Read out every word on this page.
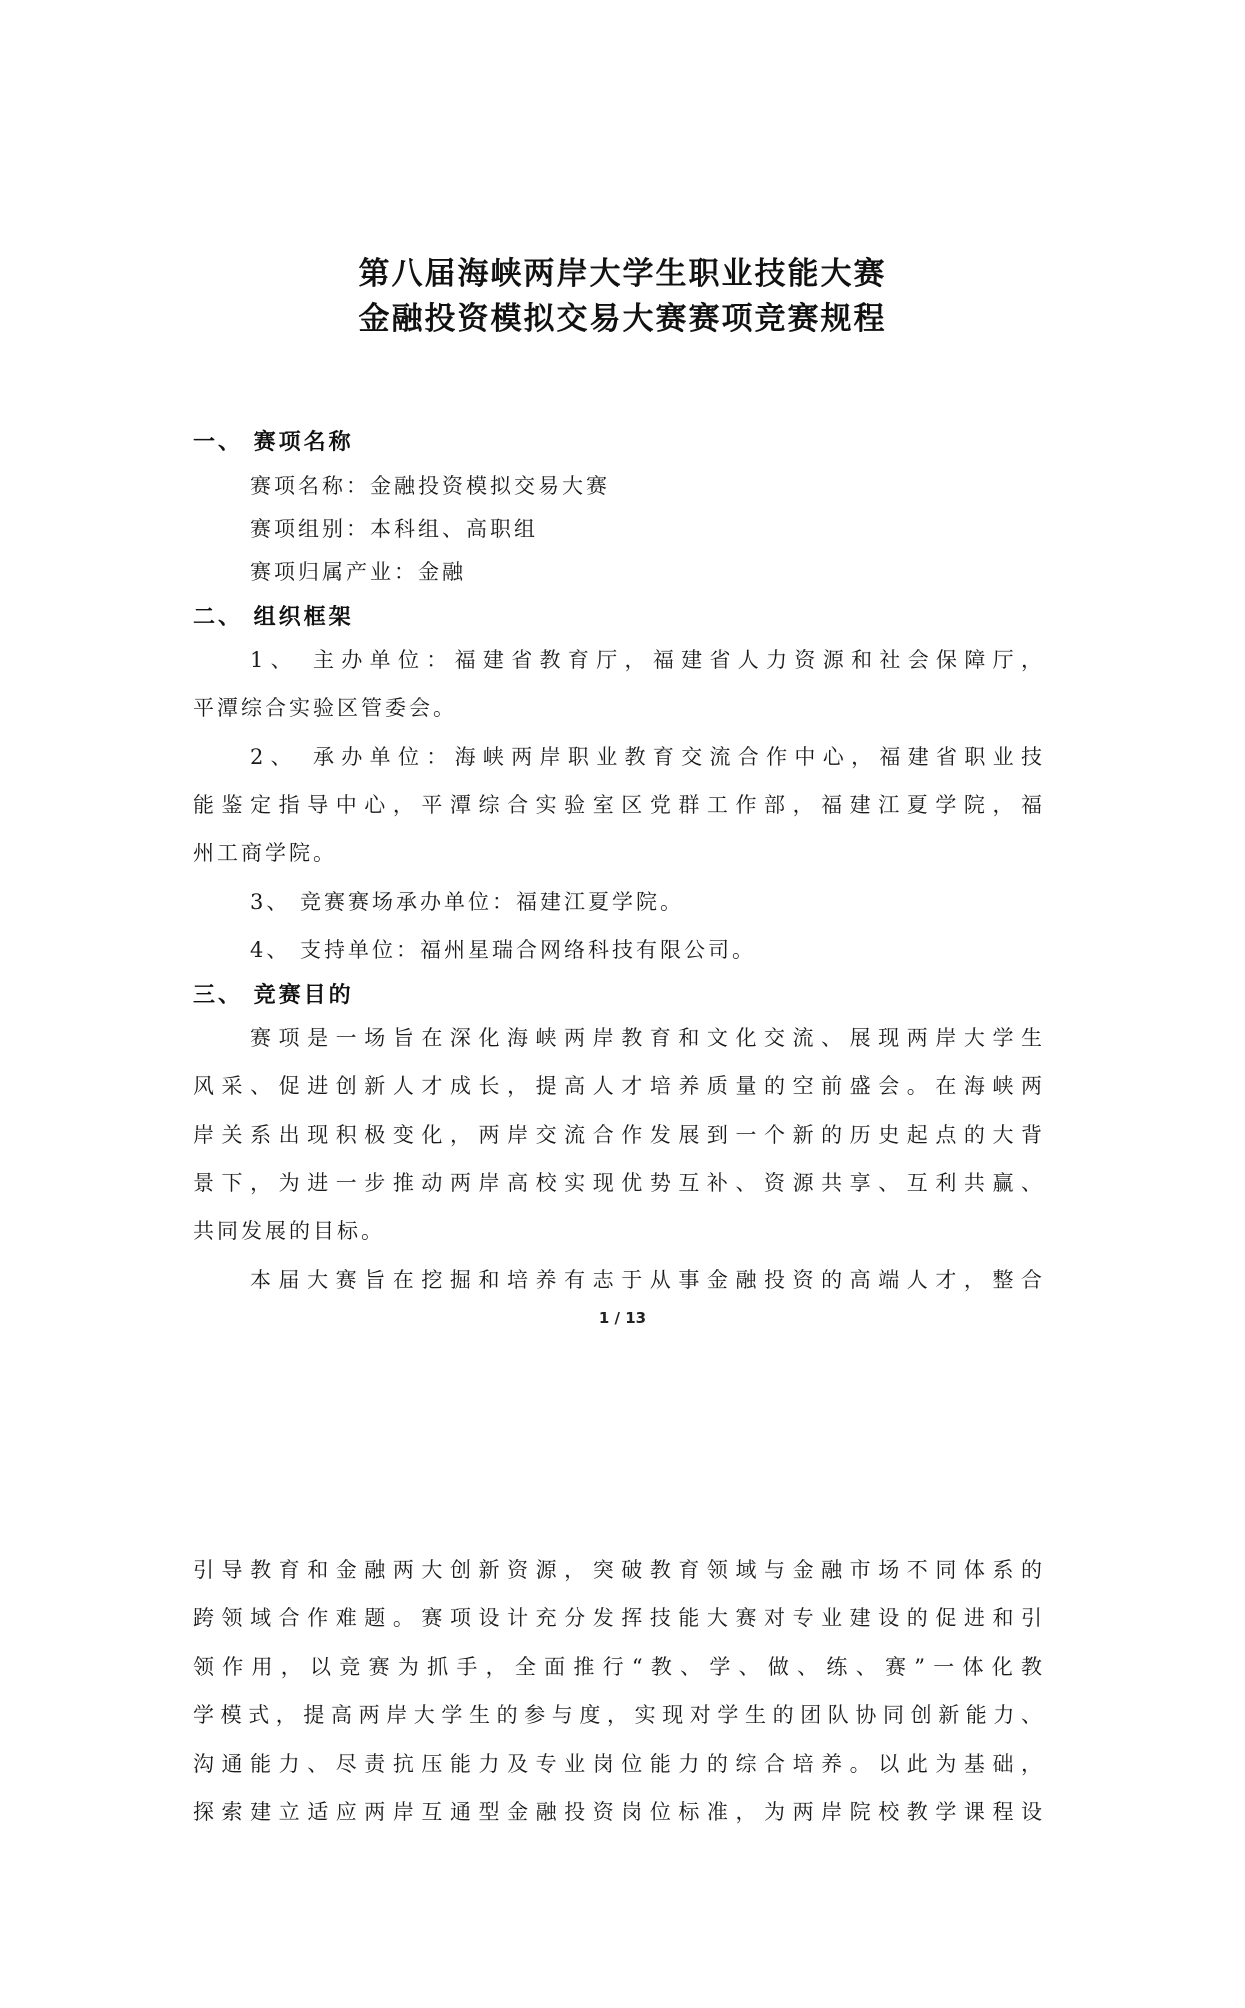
第八届海峡两岸大学生职业技能大赛
金融投资模拟交易大赛赛项竞赛规程
一、 赛项名称

赛项名称：金融投资模拟交易大赛

赛项组别：本科组、高职组

赛项归属产业：金融

二、 组织框架

1、 主办单位：福建省教育厅，福建省人力资源和社会保障厅，

平潭综合实验区管委会。

2、 承办单位：海峡两岸职业教育交流合作中心，福建省职业技

能鉴定指导中心，平潭综合实验室区党群工作部，福建江夏学院，福

州工商学院。

3、 竞赛赛场承办单位：福建江夏学院。

4、 支持单位：福州星瑞合网络科技有限公司。

三、 竞赛目的

赛项是一场旨在深化海峡两岸教育和文化交流、展现两岸大学生

风采、促进创新人才成长，提高人才培养质量的空前盛会。在海峡两

岸关系出现积极变化，两岸交流合作发展到一个新的历史起点的大背

景下，为进一步推动两岸高校实现优势互补、资源共享、互利共赢、

共同发展的目标。

本届大赛旨在挖掘和培养有志于从事金融投资的高端人才，整合

1 / 13

引导教育和金融两大创新资源，突破教育领域与金融市场不同体系的

跨领域合作难题。赛项设计充分发挥技能大赛对专业建设的促进和引

领作用，以竞赛为抓手，全面推行“教、学、做、练、赛”一体化教

学模式，提高两岸大学生的参与度，实现对学生的团队协同创新能力、

沟通能力、尽责抗压能力及专业岗位能力的综合培养。以此为基础，

探索建立适应两岸互通型金融投资岗位标准，为两岸院校教学课程设
